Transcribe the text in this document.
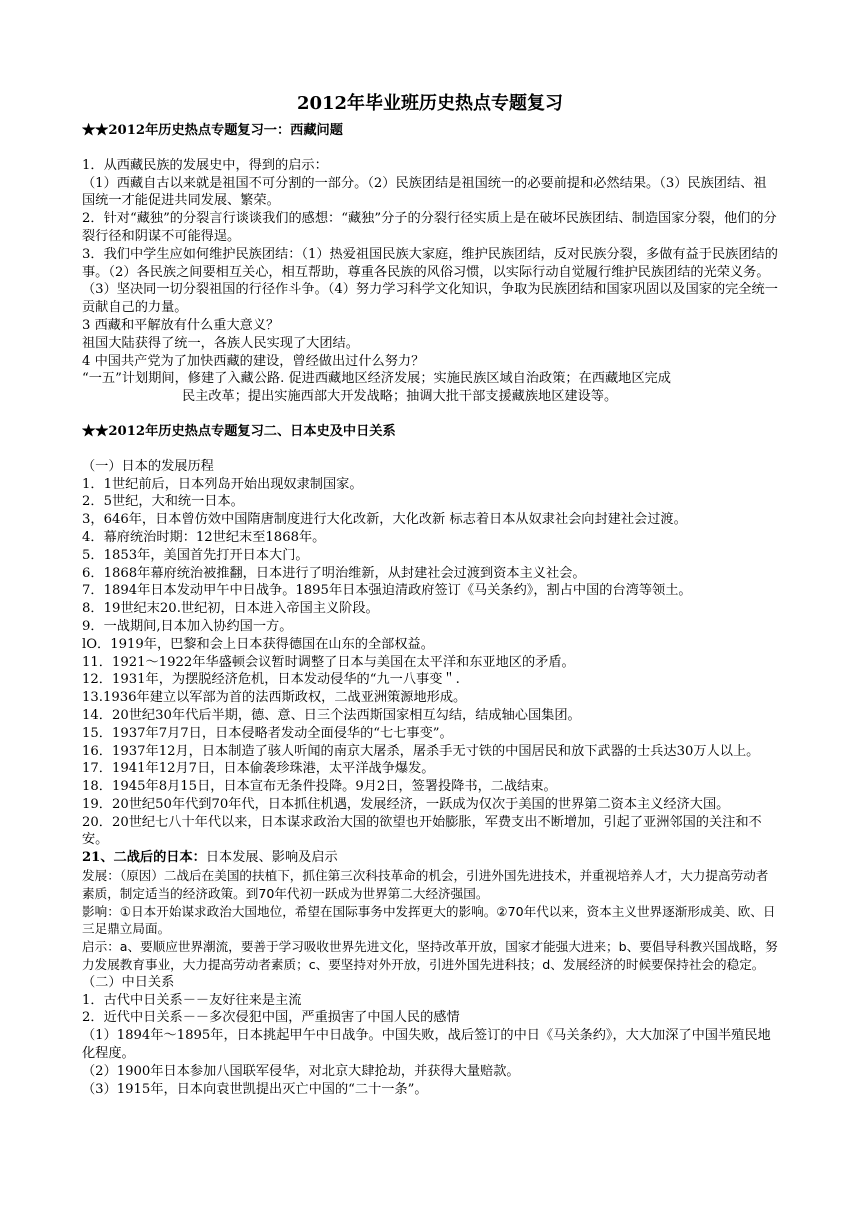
2012年毕业班历史热点专题复习

★★2012年历史热点专题复习一：西藏问题

1．从西藏民族的发展史中，得到的启示：

（1）西藏自古以来就是祖国不可分割的一部分。（2）民族团结是祖国统一的必要前提和必然结果。（3）民族团结、祖国统一才能促进共同发展、繁荣。

2．针对“藏独”的分裂言行谈谈我们的感想：“藏独”分子的分裂行径实质上是在破坏民族团结、制造国家分裂，他们的分裂行径和阴谋不可能得逞。

3．我们中学生应如何维护民族团结：（1）热爱祖国民族大家庭，维护民族团结，反对民族分裂，多做有益于民族团结的事。（2）各民族之间要相互关心，相互帮助，尊重各民族的风俗习惯，以实际行动自觉履行维护民族团结的光荣义务。（3）坚决同一切分裂祖国的行径作斗争。（4）努力学习科学文化知识，争取为民族团结和国家巩固以及国家的完全统一贡献自己的力量。

3 西藏和平解放有什么重大意义？

祖国大陆获得了统一，各族人民实现了大团结。

4 中国共产党为了加快西藏的建设，曾经做出过什么努力？

“一五”计划期间，修建了入藏公路. 促进西藏地区经济发展；实施民族区域自治政策；在西藏地区完成

民主改革；提出实施西部大开发战略；抽调大批干部支援藏族地区建设等。

★★2012年历史热点专题复习二、日本史及中日关系

（一）日本的发展历程

1．1世纪前后，日本列岛开始出现奴隶制国家。

2．5世纪，大和统一日本。

3，646年，日本曾仿效中国隋唐制度进行大化改新，大化改新 标志着日本从奴隶社会向封建社会过渡。

4．幕府统治时期：12世纪末至1868年。

5．1853年，美国首先打开日本大门。

6．1868年幕府统治被推翻，日本进行了明治维新，从封建社会过渡到资本主义社会。

7．1894年日本发动甲午中日战争。1895年日本强迫清政府签订《马关条约》，割占中国的台湾等领土。

8．19世纪末20.世纪初，日本进入帝国主义阶段。

9．一战期间,日本加入协约国一方。

lO．1919年，巴黎和会上日本获得德国在山东的全部权益。

11．1921～1922年华盛顿会议暂时调整了日本与美国在太平洋和东亚地区的矛盾。

12．1931年，为摆脱经济危机，日本发动侵华的“九一八事变＂.

13.1936年建立以军部为首的法西斯政权，二战亚洲策源地形成。

14．20世纪30年代后半期，德、意、日三个法西斯国家相互勾结，结成轴心国集团。

15．1937年7月7日，日本侵略者发动全面侵华的“七七事变”。

16．1937年12月，日本制造了骇人听闻的南京大屠杀，屠杀手无寸铁的中国居民和放下武器的士兵达30万人以上。

17．1941年12月7日，日本偷袭珍珠港，太平洋战争爆发。

18．1945年8月15日，日本宣布无条件投降。9月2日，签署投降书，二战结束。

19．20世纪50年代到70年代，日本抓住机遇，发展经济，一跃成为仅次于美国的世界第二资本主义经济大国。

20．20世纪七八十年代以来，日本谋求政治大国的欲望也开始膨胀，军费支出不断增加，引起了亚洲邻国的关注和不安。

21、二战后的日本：日本发展、影响及启示

发展：（原因）二战后在美国的扶植下，抓住第三次科技革命的机会，引进外国先进技术，并重视培养人才，大力提高劳动者素质，制定适当的经济政策。到70年代初一跃成为世界第二大经济强国。

影响：①日本开始谋求政治大国地位，希望在国际事务中发挥更大的影响。②70年代以来，资本主义世界逐渐形成美、欧、日三足鼎立局面。

启示：a、要顺应世界潮流，要善于学习吸收世界先进文化，坚持改革开放，国家才能强大进来；b、要倡导科教兴国战略，努力发展教育事业，大力提高劳动者素质；c、要坚持对外开放，引进外国先进科技；d、发展经济的时候要保持社会的稳定。

（二）中日关系

1．古代中日关系－－友好往来是主流

2．近代中日关系－－多次侵犯中国，严重损害了中国人民的感情

（1）1894年～1895年，日本挑起甲午中日战争。中国失败，战后签订的中日《马关条约》，大大加深了中国半殖民地化程度。

（2）1900年日本参加八国联军侵华，对北京大肆抢劫，并获得大量赔款。

（3）1915年，日本向袁世凯提出灭亡中国的“二十一条”。
